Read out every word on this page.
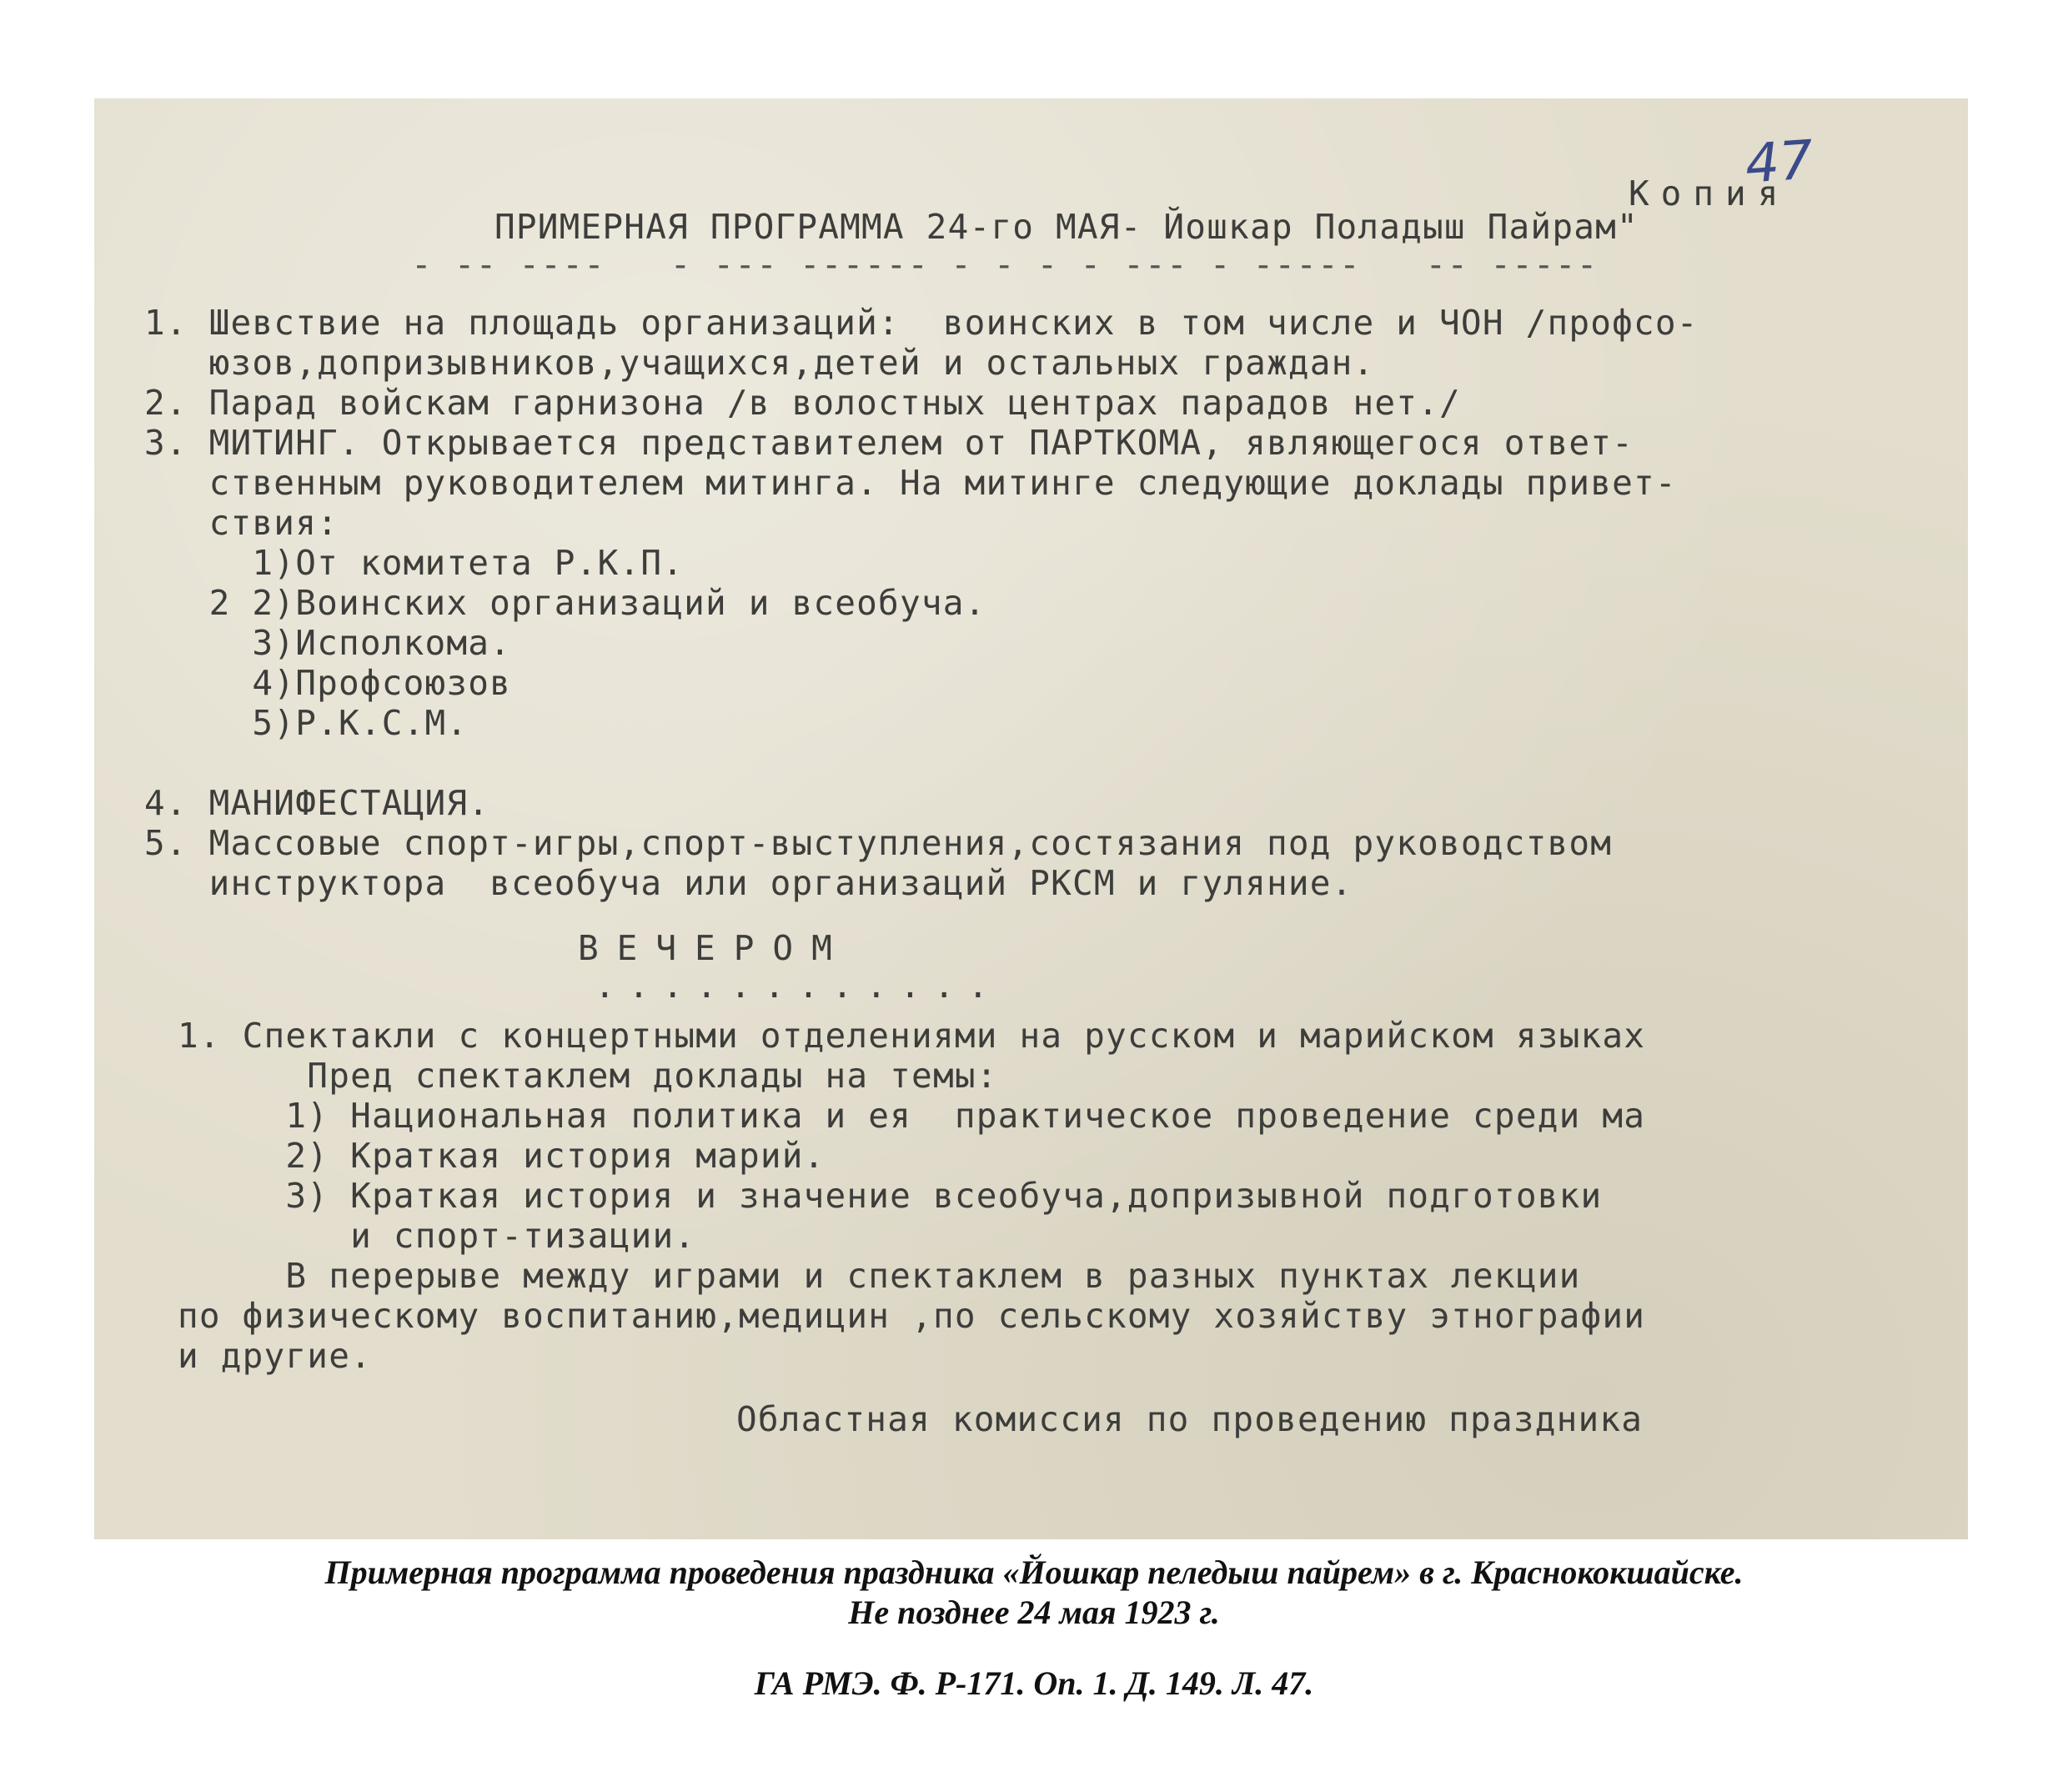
47
Копия
ПРИМЕРНАЯ ПРОГРАММА 24-го МАЯ- Йошкар Поладыш Пайрам"
- -- ----   - --- ------ - - - - --- - -----   -- -----
1. Шевствие на площадь организаций:  воинских в том числе и ЧОН /профсо-
юзов,допризывников,учащихся,детей и остальных граждан.
2. Парад войскам гарнизона /в волостных центрах парадов нет./
3. МИТИНГ. Открывается представителем от ПАРТКОМА, являющегося ответ-
ственным руководителем митинга. На митинге следующие доклады привет-
ствия:
1)От комитета Р.К.П.
2 2)Воинских организаций и всеобуча.
3)Исполкома.
4)Профсоюзов
5)Р.К.С.М.

4. МАНИФЕСТАЦИЯ.
5. Массовые спорт-игры,спорт-выступления,состязания под руководством
инструктора  всеобуча или организаций РКСМ и гуляние.
ВЕЧЕРОМ
............
1. Спектакли с концертными отделениями на русском и марийском языках
Пред спектаклем доклады на темы:
1) Национальная политика и ея  практическое проведение среди ма
2) Краткая история марий.
3) Краткая история и значение всеобуча,допризывной подготовки
и спорт-тизации.
В перерыве между играми и спектаклем в разных пунктах лекции
по физическому воспитанию,медицин ,по сельскому хозяйству этнографии
и другие.
Областная комиссия по проведению праздника
Примерная программа проведения праздника «Йошкар пеледыш пайрем» в г. Краснококшайске.
Не позднее 24 мая 1923 г.
ГА РМЭ. Ф. Р-171. Оп. 1. Д. 149. Л. 47.
